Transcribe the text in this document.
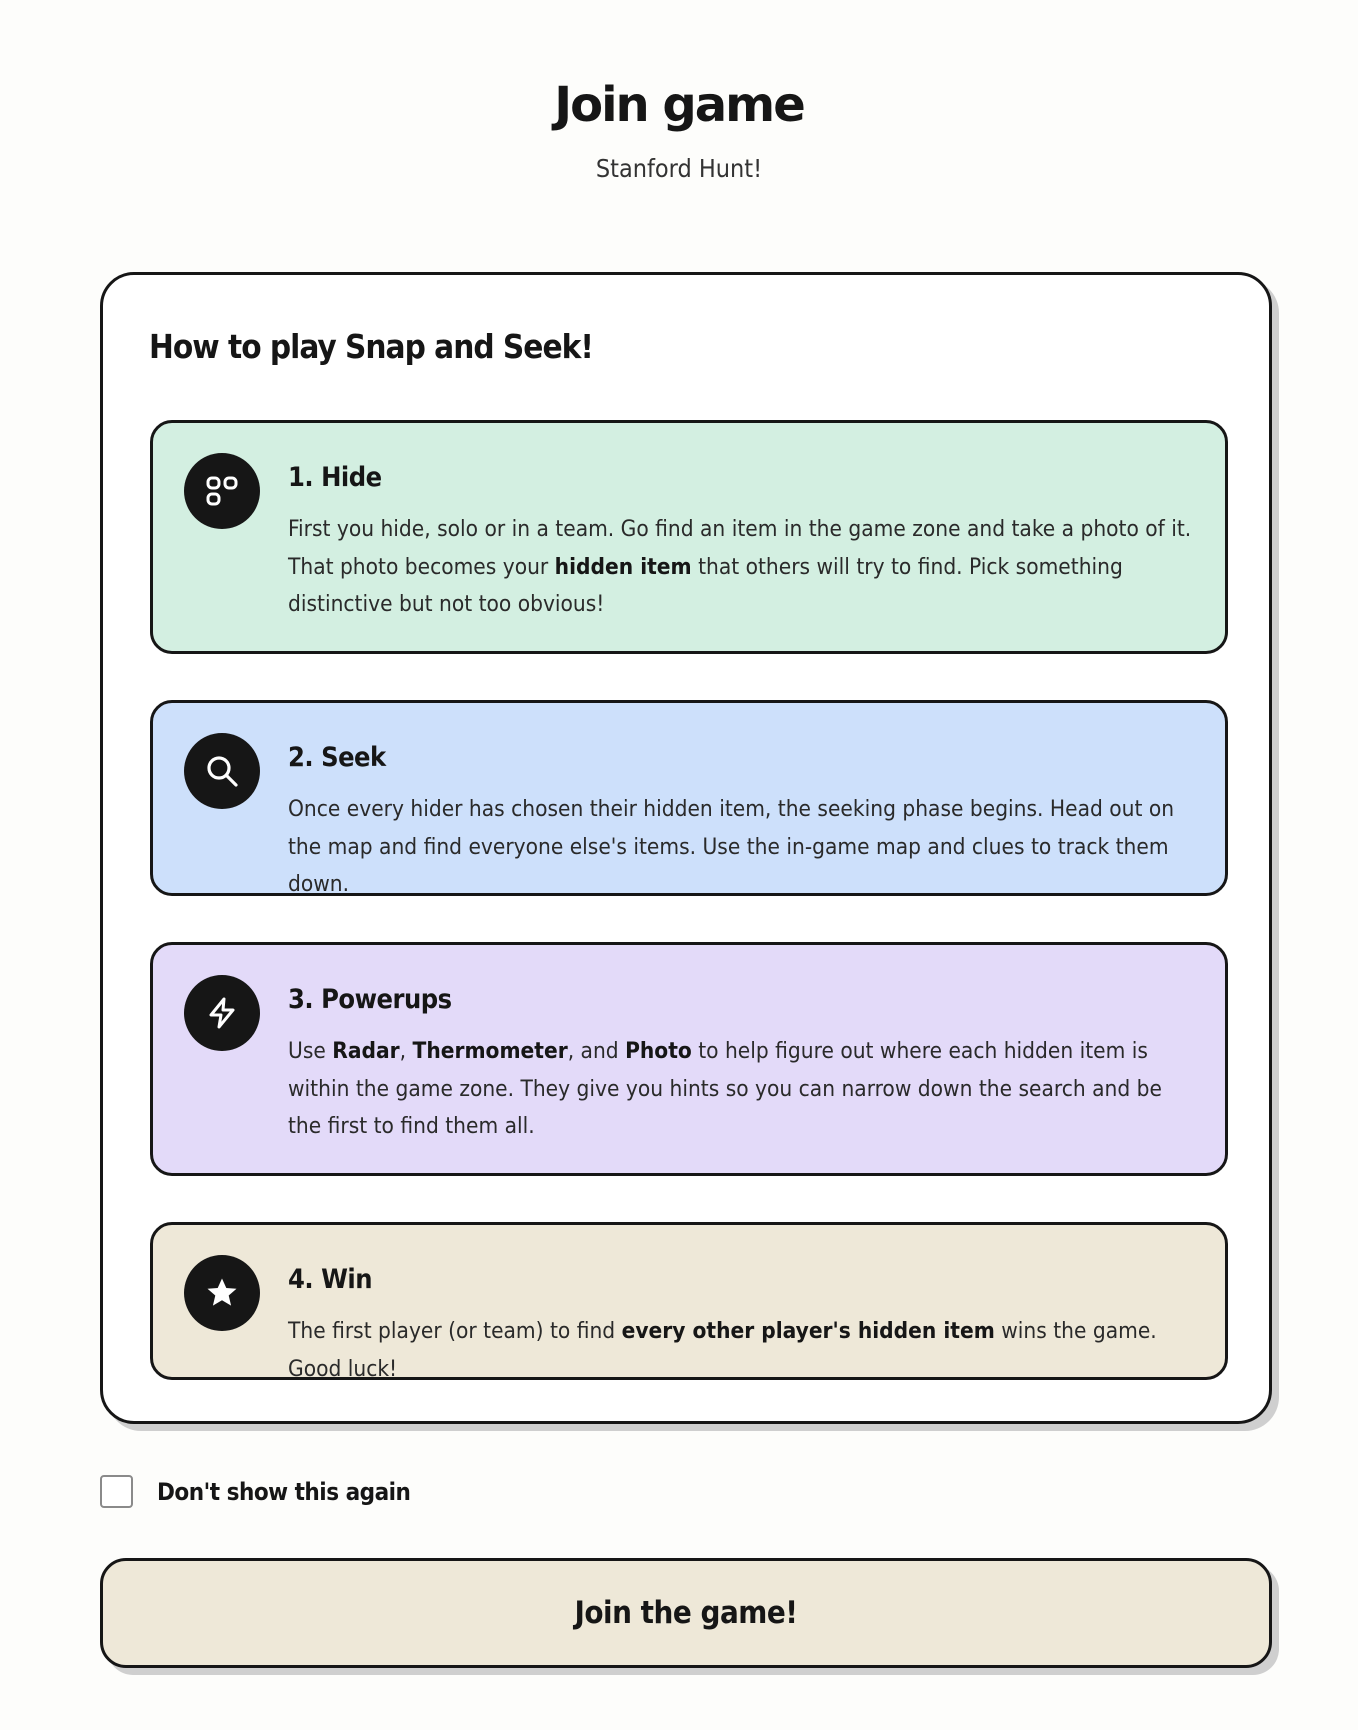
Join game
Stanford Hunt!
How to play Snap and Seek!
1. Hide

First you hide, solo or in a team. Go find an item in the game zone and take a photo of it. That photo becomes your hidden item that others will try to find. Pick something distinctive but not too obvious!

2. Seek

Once every hider has chosen their hidden item, the seeking phase begins. Head out on the map and find everyone else's items. Use the in-game map and clues to track them down.

3. Powerups

Use Radar, Thermometer, and Photo to help figure out where each hidden item is within the game zone. They give you hints so you can narrow down the search and be the first to find them all.

4. Win

The first player (or team) to find every other player's hidden item wins the game. Good luck!

Don't show this again
Join the game!
